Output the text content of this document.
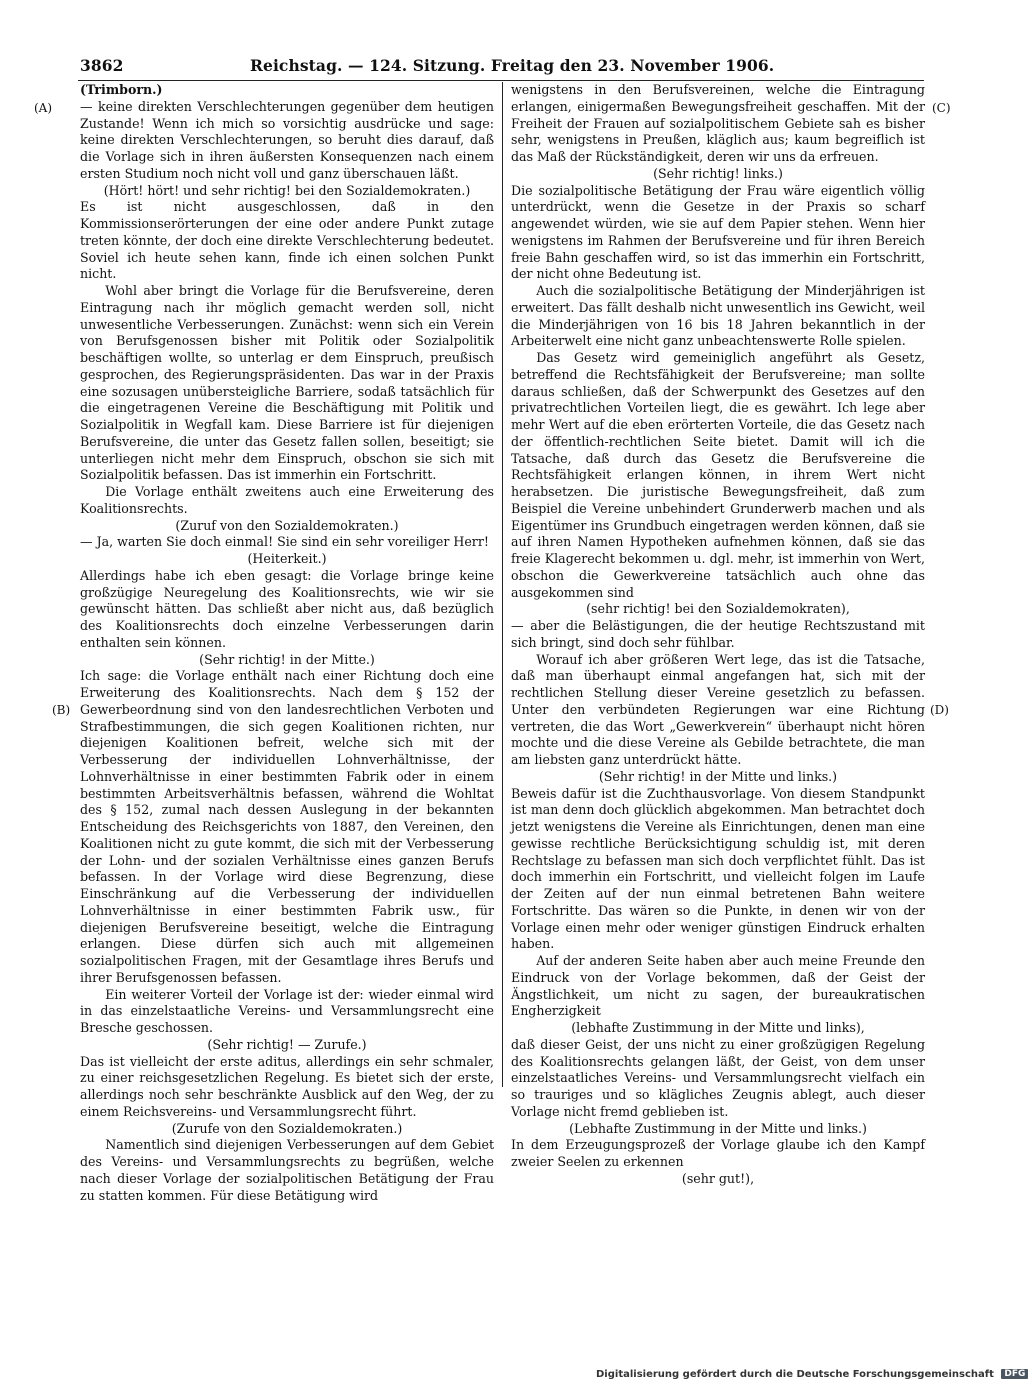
3862	Reichstag. — 124. Sitzung. Freitag den 23. November 1906.
(A)
(B)
(C)
(D)

(Trimborn.)

— keine direkten Verschlechterungen gegenüber dem heutigen Zustande! Wenn ich mich so vorsichtig ausdrücke und sage: keine direkten Verschlechterungen, so beruht dies darauf, daß die Vorlage sich in ihren äußersten Konsequenzen nach einem ersten Studium noch nicht voll und ganz überschauen läßt.

(Hört! hört! und sehr richtig! bei den Sozialdemokraten.)

Es ist nicht ausgeschlossen, daß in den Kommissionserörterungen der eine oder andere Punkt zutage treten könnte, der doch eine direkte Verschlechterung bedeutet. Soviel ich heute sehen kann, finde ich einen solchen Punkt nicht.

Wohl aber bringt die Vorlage für die Berufsvereine, deren Eintragung nach ihr möglich gemacht werden soll, nicht unwesentliche Verbesserungen. Zunächst: wenn sich ein Verein von Berufsgenossen bisher mit Politik oder Sozialpolitik beschäftigen wollte, so unterlag er dem Einspruch, preußisch gesprochen, des Regierungspräsidenten. Das war in der Praxis eine sozusagen unübersteigliche Barriere, sodaß tatsächlich für die eingetragenen Vereine die Beschäftigung mit Politik und Sozialpolitik in Wegfall kam. Diese Barriere ist für diejenigen Berufsvereine, die unter das Gesetz fallen sollen, beseitigt; sie unterliegen nicht mehr dem Einspruch, obschon sie sich mit Sozialpolitik befassen. Das ist immerhin ein Fortschritt.

Die Vorlage enthält zweitens auch eine Erweiterung des Koalitionsrechts.

(Zuruf von den Sozialdemokraten.)

— Ja, warten Sie doch einmal! Sie sind ein sehr voreiliger Herr!

(Heiterkeit.)

Allerdings habe ich eben gesagt: die Vorlage bringe keine großzügige Neuregelung des Koalitionsrechts, wie wir sie gewünscht hätten. Das schließt aber nicht aus, daß bezüglich des Koalitionsrechts doch einzelne Verbesserungen darin enthalten sein können.

(Sehr richtig! in der Mitte.)

Ich sage: die Vorlage enthält nach einer Richtung doch eine Erweiterung des Koalitionsrechts. Nach dem § 152 der Gewerbeordnung sind von den landesrechtlichen Verboten und Strafbestimmungen, die sich gegen Koalitionen richten, nur diejenigen Koalitionen befreit, welche sich mit der Verbesserung der individuellen Lohnverhältnisse, der Lohnverhältnisse in einer bestimmten Fabrik oder in einem bestimmten Arbeitsverhältnis befassen, während die Wohltat des § 152, zumal nach dessen Auslegung in der bekannten Entscheidung des Reichsgerichts von 1887, den Vereinen, den Koalitionen nicht zu gute kommt, die sich mit der Verbesserung der Lohn- und der sozialen Verhältnisse eines ganzen Berufs befassen. In der Vorlage wird diese Begrenzung, diese Einschränkung auf die Verbesserung der individuellen Lohnverhältnisse in einer bestimmten Fabrik usw., für diejenigen Berufsvereine beseitigt, welche die Eintragung erlangen. Diese dürfen sich auch mit allgemeinen sozialpolitischen Fragen, mit der Gesamtlage ihres Berufs und ihrer Berufsgenossen befassen.

Ein weiterer Vorteil der Vorlage ist der: wieder einmal wird in das einzelstaatliche Vereins- und Versammlungsrecht eine Bresche geschossen.

(Sehr richtig! — Zurufe.)

Das ist vielleicht der erste aditus, allerdings ein sehr schmaler, zu einer reichsgesetzlichen Regelung. Es bietet sich der erste, allerdings noch sehr beschränkte Ausblick auf den Weg, der zu einem Reichsvereins- und Versammlungsrecht führt.

(Zurufe von den Sozialdemokraten.)

Namentlich sind diejenigen Verbesserungen auf dem Gebiet des Vereins- und Versammlungsrechts zu begrüßen, welche nach dieser Vorlage der sozialpolitischen Betätigung der Frau zu statten kommen. Für diese Betätigung wird

wenigstens in den Berufsvereinen, welche die Eintragung erlangen, einigermaßen Bewegungsfreiheit geschaffen. Mit der Freiheit der Frauen auf sozialpolitischem Gebiete sah es bisher sehr, wenigstens in Preußen, kläglich aus; kaum begreiflich ist das Maß der Rückständigkeit, deren wir uns da erfreuen.

(Sehr richtig! links.)

Die sozialpolitische Betätigung der Frau wäre eigentlich völlig unterdrückt, wenn die Gesetze in der Praxis so scharf angewendet würden, wie sie auf dem Papier stehen. Wenn hier wenigstens im Rahmen der Berufsvereine und für ihren Bereich freie Bahn geschaffen wird, so ist das immerhin ein Fortschritt, der nicht ohne Bedeutung ist.

Auch die sozialpolitische Betätigung der Minderjährigen ist erweitert. Das fällt deshalb nicht unwesentlich ins Gewicht, weil die Minderjährigen von 16 bis 18 Jahren bekanntlich in der Arbeiterwelt eine nicht ganz unbeachtenswerte Rolle spielen.

Das Gesetz wird gemeiniglich angeführt als Gesetz, betreffend die Rechtsfähigkeit der Berufsvereine; man sollte daraus schließen, daß der Schwerpunkt des Gesetzes auf den privatrechtlichen Vorteilen liegt, die es gewährt. Ich lege aber mehr Wert auf die eben erörterten Vorteile, die das Gesetz nach der öffentlich-rechtlichen Seite bietet. Damit will ich die Tatsache, daß durch das Gesetz die Berufsvereine die Rechtsfähigkeit erlangen können, in ihrem Wert nicht herabsetzen. Die juristische Bewegungsfreiheit, daß zum Beispiel die Vereine unbehindert Grunderwerb machen und als Eigentümer ins Grundbuch eingetragen werden können, daß sie auf ihren Namen Hypotheken aufnehmen können, daß sie das freie Klagerecht bekommen u. dgl. mehr, ist immerhin von Wert, obschon die Gewerkvereine tatsächlich auch ohne das ausgekommen sind

(sehr richtig! bei den Sozialdemokraten),

— aber die Belästigungen, die der heutige Rechtszustand mit sich bringt, sind doch sehr fühlbar.

Worauf ich aber größeren Wert lege, das ist die Tatsache, daß man überhaupt einmal angefangen hat, sich mit der rechtlichen Stellung dieser Vereine gesetzlich zu befassen. Unter den verbündeten Regierungen war eine Richtung vertreten, die das Wort „Gewerkverein“ überhaupt nicht hören mochte und die diese Vereine als Gebilde betrachtete, die man am liebsten ganz unterdrückt hätte.

(Sehr richtig! in der Mitte und links.)

Beweis dafür ist die Zuchthausvorlage. Von diesem Standpunkt ist man denn doch glücklich abgekommen. Man betrachtet doch jetzt wenigstens die Vereine als Einrichtungen, denen man eine gewisse rechtliche Berücksichtigung schuldig ist, mit deren Rechtslage zu befassen man sich doch verpflichtet fühlt. Das ist doch immerhin ein Fortschritt, und vielleicht folgen im Laufe der Zeiten auf der nun einmal betretenen Bahn weitere Fortschritte. Das wären so die Punkte, in denen wir von der Vorlage einen mehr oder weniger günstigen Eindruck erhalten haben.

Auf der anderen Seite haben aber auch meine Freunde den Eindruck von der Vorlage bekommen, daß der Geist der Ängstlichkeit, um nicht zu sagen, der bureaukratischen Engherzigkeit

(lebhafte Zustimmung in der Mitte und links),

daß dieser Geist, der uns nicht zu einer großzügigen Regelung des Koalitionsrechts gelangen läßt, der Geist, von dem unser einzelstaatliches Vereins- und Versammlungsrecht vielfach ein so trauriges und so klägliches Zeugnis ablegt, auch dieser Vorlage nicht fremd geblieben ist.

(Lebhafte Zustimmung in der Mitte und links.)

In dem Erzeugungsprozeß der Vorlage glaube ich den Kampf zweier Seelen zu erkennen

(sehr gut!),

Digitalisierung gefördert durch die Deutsche Forschungsgemeinschaft DFG
